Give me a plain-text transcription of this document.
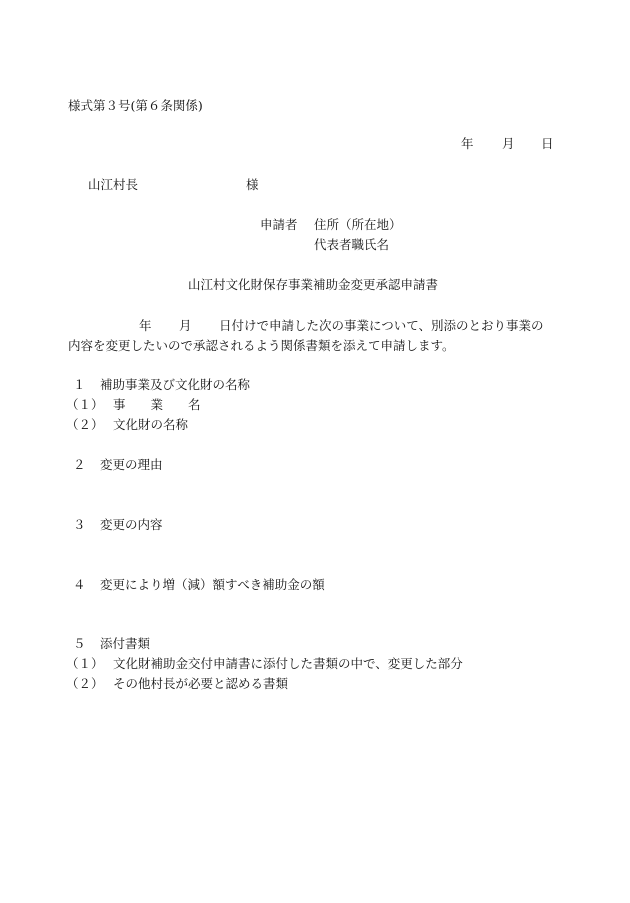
様式第３号(第６条関係)
年 月 日
山江村長	様
申請者 住所（所在地）
代表者職氏名
山江村文化財保存事業補助金変更承認申請書
年 月 日付けで申請した次の事業について、別添のとおり事業の
内容を変更したいので承認されるよう関係書類を添えて申請します。
１ 補助事業及び文化財の名称
（１） 事　　業　　名
（２） 文化財の名称
２ 変更の理由
３ 変更の内容
４ 変更により増（減）額すべき補助金の額
５ 添付書類
（１） 文化財補助金交付申請書に添付した書類の中で、変更した部分
（２） その他村長が必要と認める書類
